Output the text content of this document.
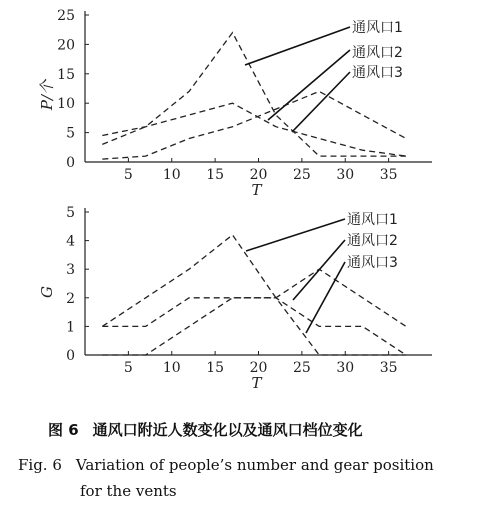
0
5
10
15
20
25
5 10 15 20 25 30 35
T
P/个
通风口1
通风口2
通风口3
0
1
2
3
4
5
5 10 15 20 25 30 35
T
G
通风口1
通风口2
通风口3
图 6 通风口附近人数变化以及通风口档位变化
Fig. 6 Variation of people’s number and gear position
for the vents
